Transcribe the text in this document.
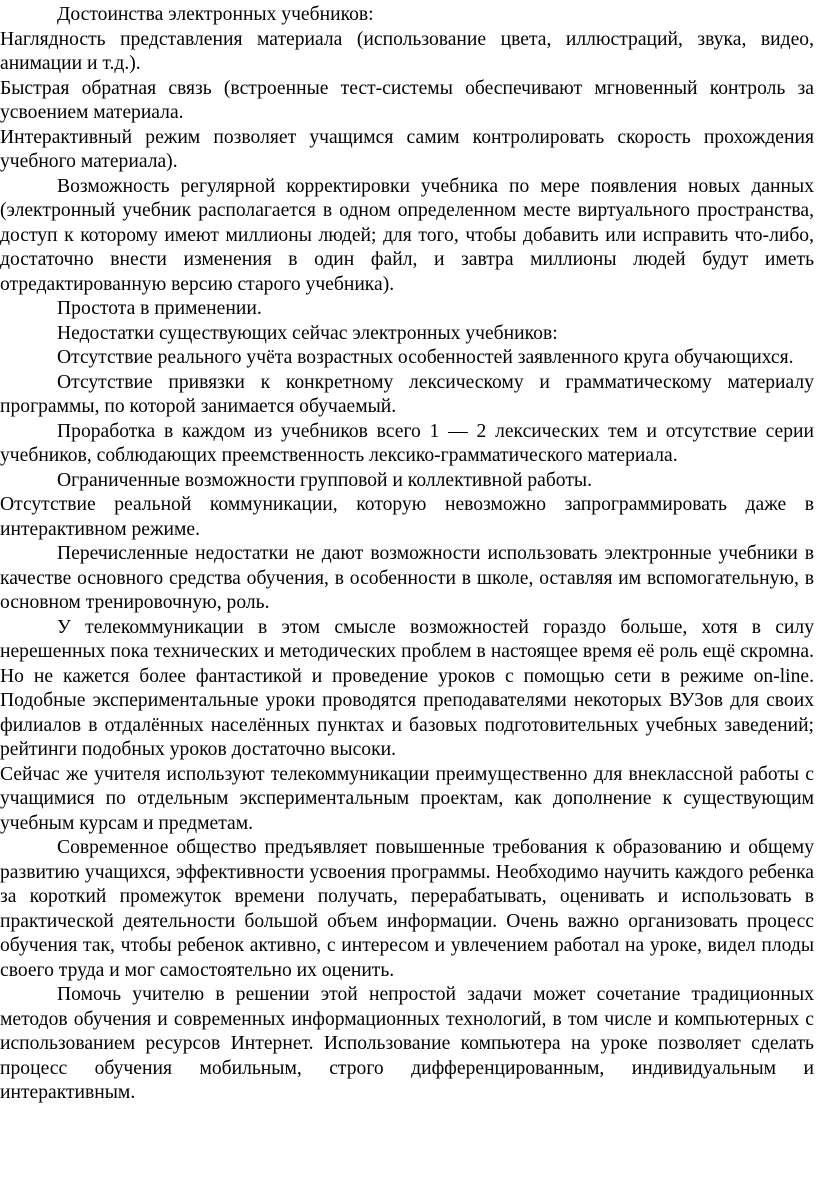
Достоинства электронных учебников:

Наглядность представления материала (использование цвета, иллюстраций, звука, видео, анимации и т.д.).

Быстрая обратная связь (встроенные тест-системы обеспечивают мгновенный контроль за усвоением материала.

Интерактивный режим позволяет учащимся самим контролировать скорость прохождения учебного материала).

Возможность регулярной корректировки учебника по мере появления новых данных (электронный учебник располагается в одном определенном месте виртуального пространства, доступ к которому имеют миллионы людей; для того, чтобы добавить или исправить что-либо, достаточно внести изменения в один файл, и завтра миллионы людей будут иметь отредактированную версию старого учебника).

Простота в применении.

Недостатки существующих сейчас электронных учебников:

Отсутствие реального учёта возрастных особенностей заявленного круга обучающихся.

Отсутствие привязки к конкретному лексическому и грамматическому материалу программы, по которой занимается обучаемый.

Проработка в каждом из учебников всего 1 — 2 лексических тем и отсутствие серии учебников, соблюдающих преемственность лексико-грамматического материала.

Ограниченные возможности групповой и коллективной работы.

Отсутствие реальной коммуникации, которую невозможно запрограммировать даже в интерактивном режиме.

Перечисленные недостатки не дают возможности использовать электронные учебники в качестве основного средства обучения, в особенности в школе, оставляя им вспомогательную, в основном тренировочную, роль.

У телекоммуникации в этом смысле возможностей гораздо больше, хотя в силу нерешенных пока технических и методических проблем в настоящее время её роль ещё скромна. Но не кажется более фантастикой и проведение уроков с помощью сети в режиме on-line. Подобные экспериментальные уроки проводятся преподавателями некоторых ВУЗов для своих филиалов в отдалённых населённых пунктах и базовых подготовительных учебных заведений; рейтинги подобных уроков достаточно высоки.

Сейчас же учителя используют телекоммуникации преимущественно для внеклассной работы с учащимися по отдельным экспериментальным проектам, как дополнение к существующим учебным курсам и предметам.

Современное общество предъявляет повышенные требования к образованию и общему развитию учащихся, эффективности усвоения программы. Необходимо научить каждого ребенка за короткий промежуток времени получать, перерабатывать, оценивать и использовать в практической деятельности большой объем информации. Очень важно организовать процесс обучения так, чтобы ребенок активно, с интересом и увлечением работал на уроке, видел плоды своего труда и мог самостоятельно их оценить.

Помочь учителю в решении этой непростой задачи может сочетание традиционных методов обучения и современных информационных технологий, в том числе и компьютерных с использованием ресурсов Интернет. Использование компьютера на уроке позволяет сделать процесс обучения мобильным, строго дифференцированным, индивидуальным и интерактивным.
